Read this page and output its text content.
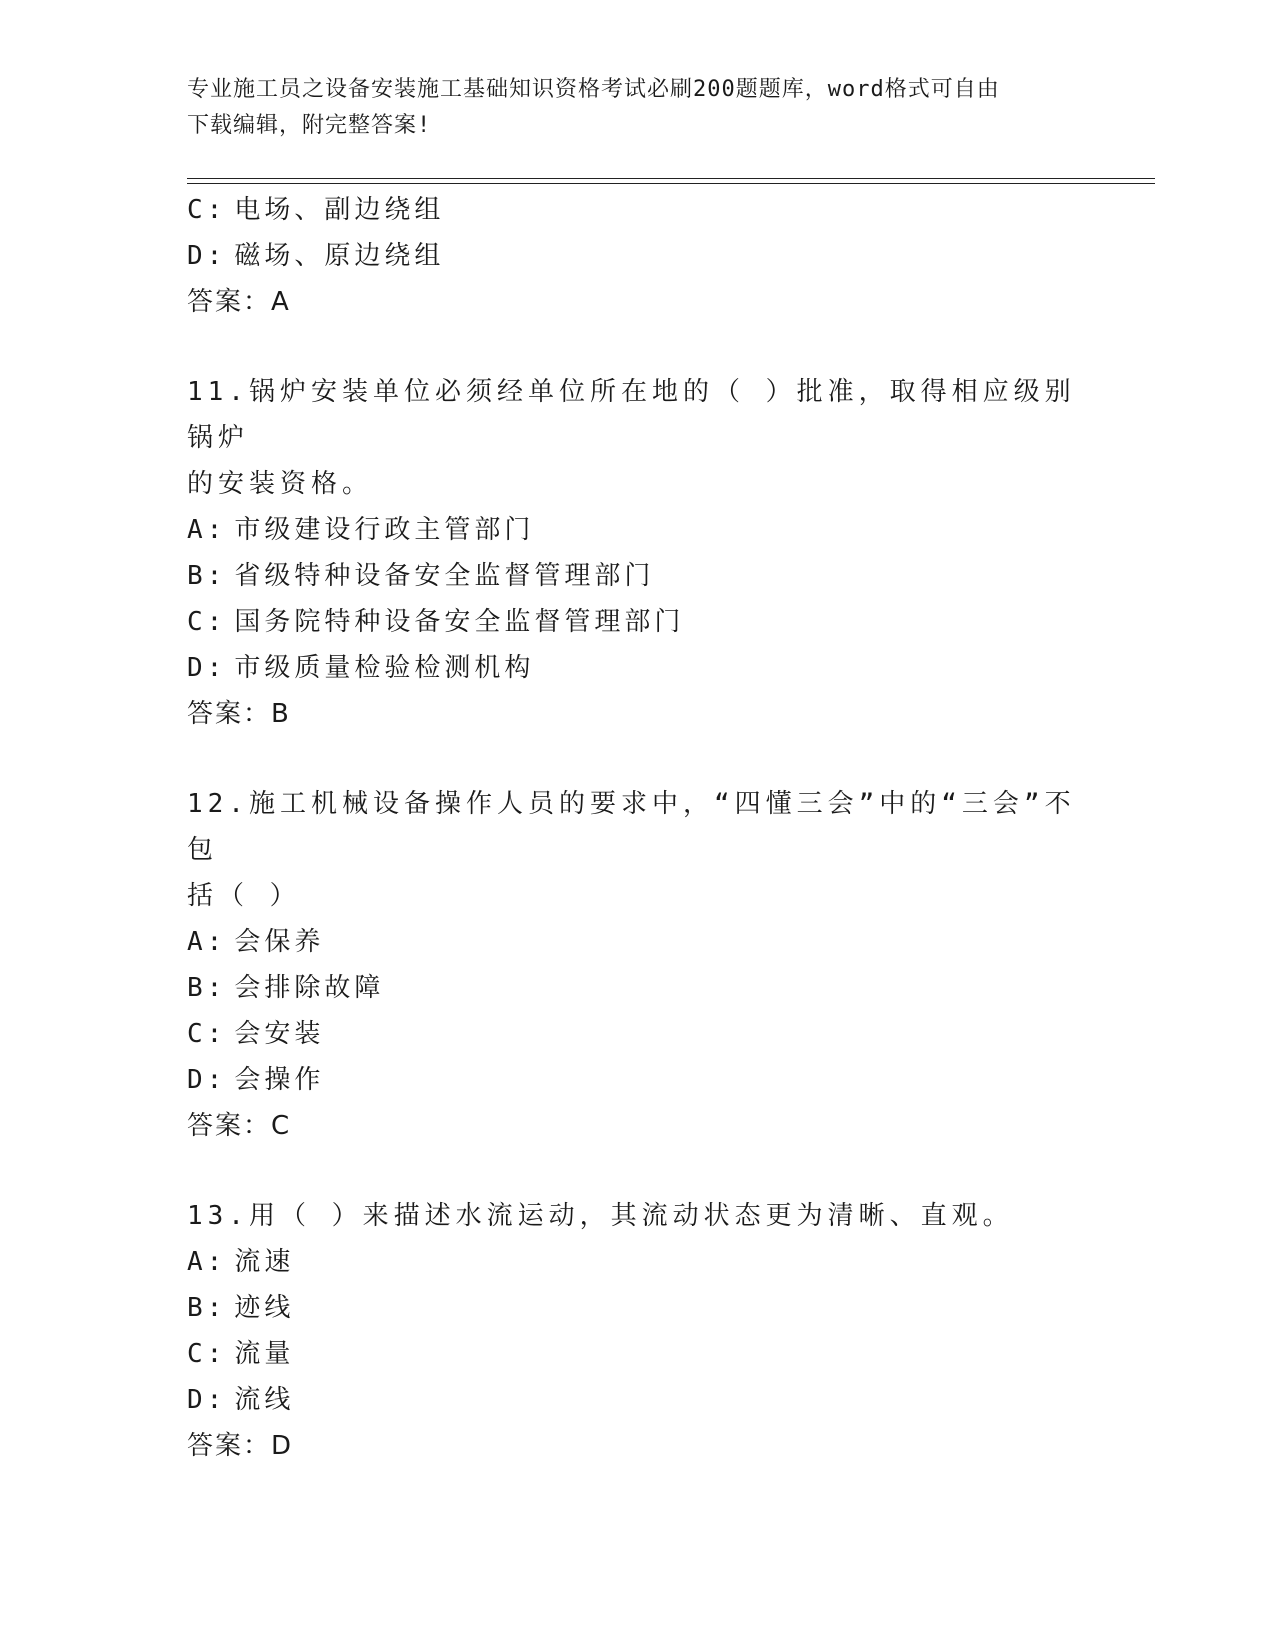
专业施工员之设备安装施工基础知识资格考试必刷200题题库，word格式可自由
下载编辑，附完整答案!
C: 电场、副边绕组
D: 磁场、原边绕组
答案：A
11.锅炉安装单位必须经单位所在地的（ ）批准，取得相应级别锅炉
的安装资格。
A: 市级建设行政主管部门
B: 省级特种设备安全监督管理部门
C: 国务院特种设备安全监督管理部门
D: 市级质量检验检测机构
答案：B
12.施工机械设备操作人员的要求中，“四懂三会”中的“三会”不包
括（ ）
A: 会保养
B: 会排除故障
C: 会安装
D: 会操作
答案：C
13.用（ ）来描述水流运动，其流动状态更为清晰、直观。
A: 流速
B: 迹线
C: 流量
D: 流线
答案：D
